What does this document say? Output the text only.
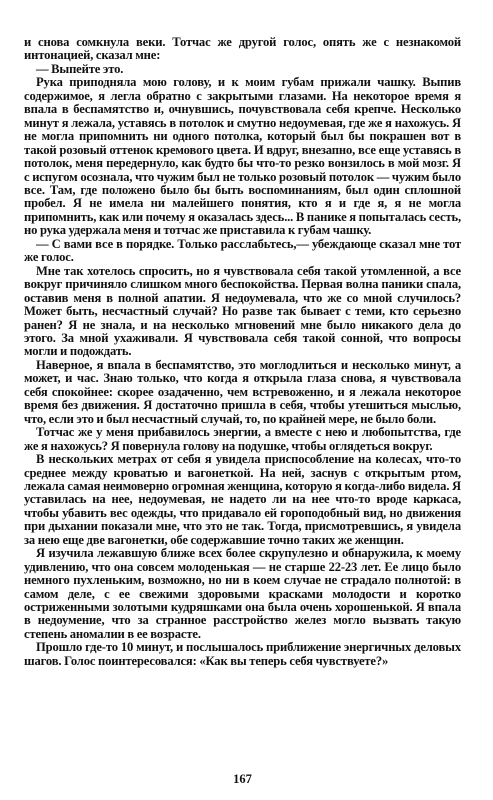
и снова сомкнула веки. Тотчас же другой голос, опять же с незнакомой интонацией, сказал мне:

— Выпейте это.

Рука приподняла мою голову, и к моим губам прижали чашку. Выпив содержимое, я легла обратно с закрытыми глазами. На некоторое время я впала в беспамятство и, очнувшись, почувствовала себя крепче. Несколько минут я лежала, уставясь в потолок и смутно недоумевая, где же я нахожусь. Я не могла припомнить ни одного потолка, который был бы покрашен вот в такой розовый оттенок кремового цвета. И вдруг, внезапно, все еще уставясь в потолок, меня передернуло, как будто бы что-то резко вонзилось в мой мозг. Я с испугом осознала, что чужим был не только розовый потолок — чужим было все. Там, где положено было бы быть воспоминаниям, был один сплошной пробел. Я не имела ни малейшего понятия, кто я и где я, я не могла припомнить, как или почему я оказалась здесь... В панике я попыталась сесть, но рука удержала меня и тотчас же приставила к губам чашку.

— С вами все в порядке. Только расслабьтесь,— убеждающе сказал мне тот же голос.

Мне так хотелось спросить, но я чувствовала себя такой утомленной, а все вокруг причиняло слишком много беспокойства. Первая волна паники спала, оставив меня в полной апатии. Я недоумевала, что же со мной случилось? Может быть, несчастный случай? Но разве так бывает с теми, кто серьезно ранен? Я не знала, и на несколько мгновений мне было никакого дела до этого. За мной ухаживали. Я чувствовала себя такой сонной, что вопросы могли и подождать.

Наверное, я впала в беспамятство, это моглодлиться и несколько минут, а может, и час. Знаю только, что когда я открыла глаза снова, я чувствовала себя спокойнее: скорее озадаченно, чем встревоженно, и я лежала некоторое время без движения. Я достаточно пришла в себя, чтобы утешиться мыслью, что, если это и был несчастный случай, то, по крайней мере, не было боли.

Тотчас же у меня прибавилось энергии, а вместе с нею и любопытства, где же я нахожусь? Я повернула голову на подушке, чтобы оглядеться вокруг.

В нескольких метрах от себя я увидела приспособление на колесах, что-то среднее между кроватью и вагонеткой. На ней, заснув с открытым ртом, лежала самая неимоверно огромная женщина, которую я когда-либо видела. Я уставилась на нее, недоумевая, не надето ли на нее что-то вроде каркаса, чтобы убавить вес одежды, что придавало ей гороподобный вид, но движения при дыхании показали мне, что это не так. Тогда, присмотревшись, я увидела за нею еще две вагонетки, обе содержавшие точно таких же женщин.

Я изучила лежавшую ближе всех более скрупулезно и обнаружила, к моему удивлению, что она совсем молоденькая — не старше 22-23 лет. Ее лицо было немного пухленьким, возможно, но ни в коем случае не страдало полнотой: в самом деле, с ее свежими здоровыми красками молодости и коротко остриженными золотыми кудряшками она была очень хорошенькой. Я впала в недоумение, что за странное расстройство желез могло вызвать такую степень аномалии в ее возрасте.

Прошло где-то 10 минут, и послышалось приближение энергичных деловых шагов. Голос поинтересовался: «Как вы теперь себя чувствуете?»

167
